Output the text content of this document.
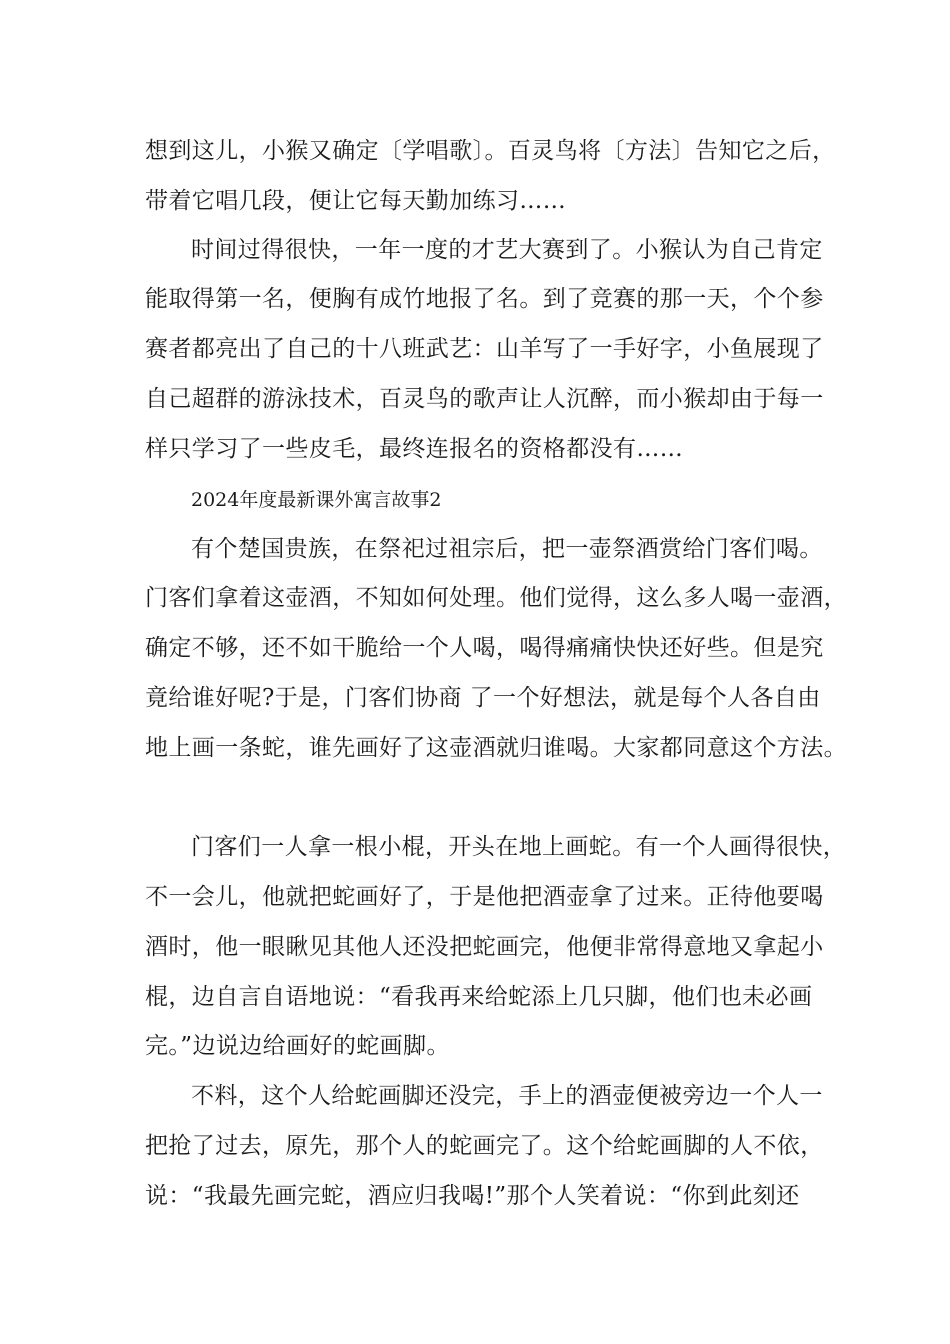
想到这儿，小猴又确定〔学唱歌〕。百灵鸟将〔方法〕告知它之后，
带着它唱几段，便让它每天勤加练习……
时间过得很快，一年一度的才艺大赛到了。小猴认为自己肯定
能取得第一名，便胸有成竹地报了名。到了竞赛的那一天，个个参
赛者都亮出了自己的十八班武艺：山羊写了一手好字，小鱼展现了
自己超群的游泳技术，百灵鸟的歌声让人沉醉，而小猴却由于每一
样只学习了一些皮毛，最终连报名的资格都没有……
2024年度最新课外寓言故事2
有个楚国贵族，在祭祀过祖宗后，把一壶祭酒赏给门客们喝。
门客们拿着这壶酒，不知如何处理。他们觉得，这么多人喝一壶酒，
确定不够，还不如干脆给一个人喝，喝得痛痛快快还好些。但是究
竟给谁好呢?于是，门客们协商 了一个好想法，就是每个人各自由
地上画一条蛇，谁先画好了这壶酒就归谁喝。大家都同意这个方法。
门客们一人拿一根小棍，开头在地上画蛇。有一个人画得很快，
不一会儿，他就把蛇画好了，于是他把酒壶拿了过来。正待他要喝
酒时，他一眼瞅见其他人还没把蛇画完，他便非常得意地又拿起小
棍，边自言自语地说：“看我再来给蛇添上几只脚，他们也未必画
完。”边说边给画好的蛇画脚。
不料，这个人给蛇画脚还没完，手上的酒壶便被旁边一个人一
把抢了过去，原先，那个人的蛇画完了。这个给蛇画脚的人不依，
说：“我最先画完蛇，酒应归我喝!”那个人笑着说：“你到此刻还
